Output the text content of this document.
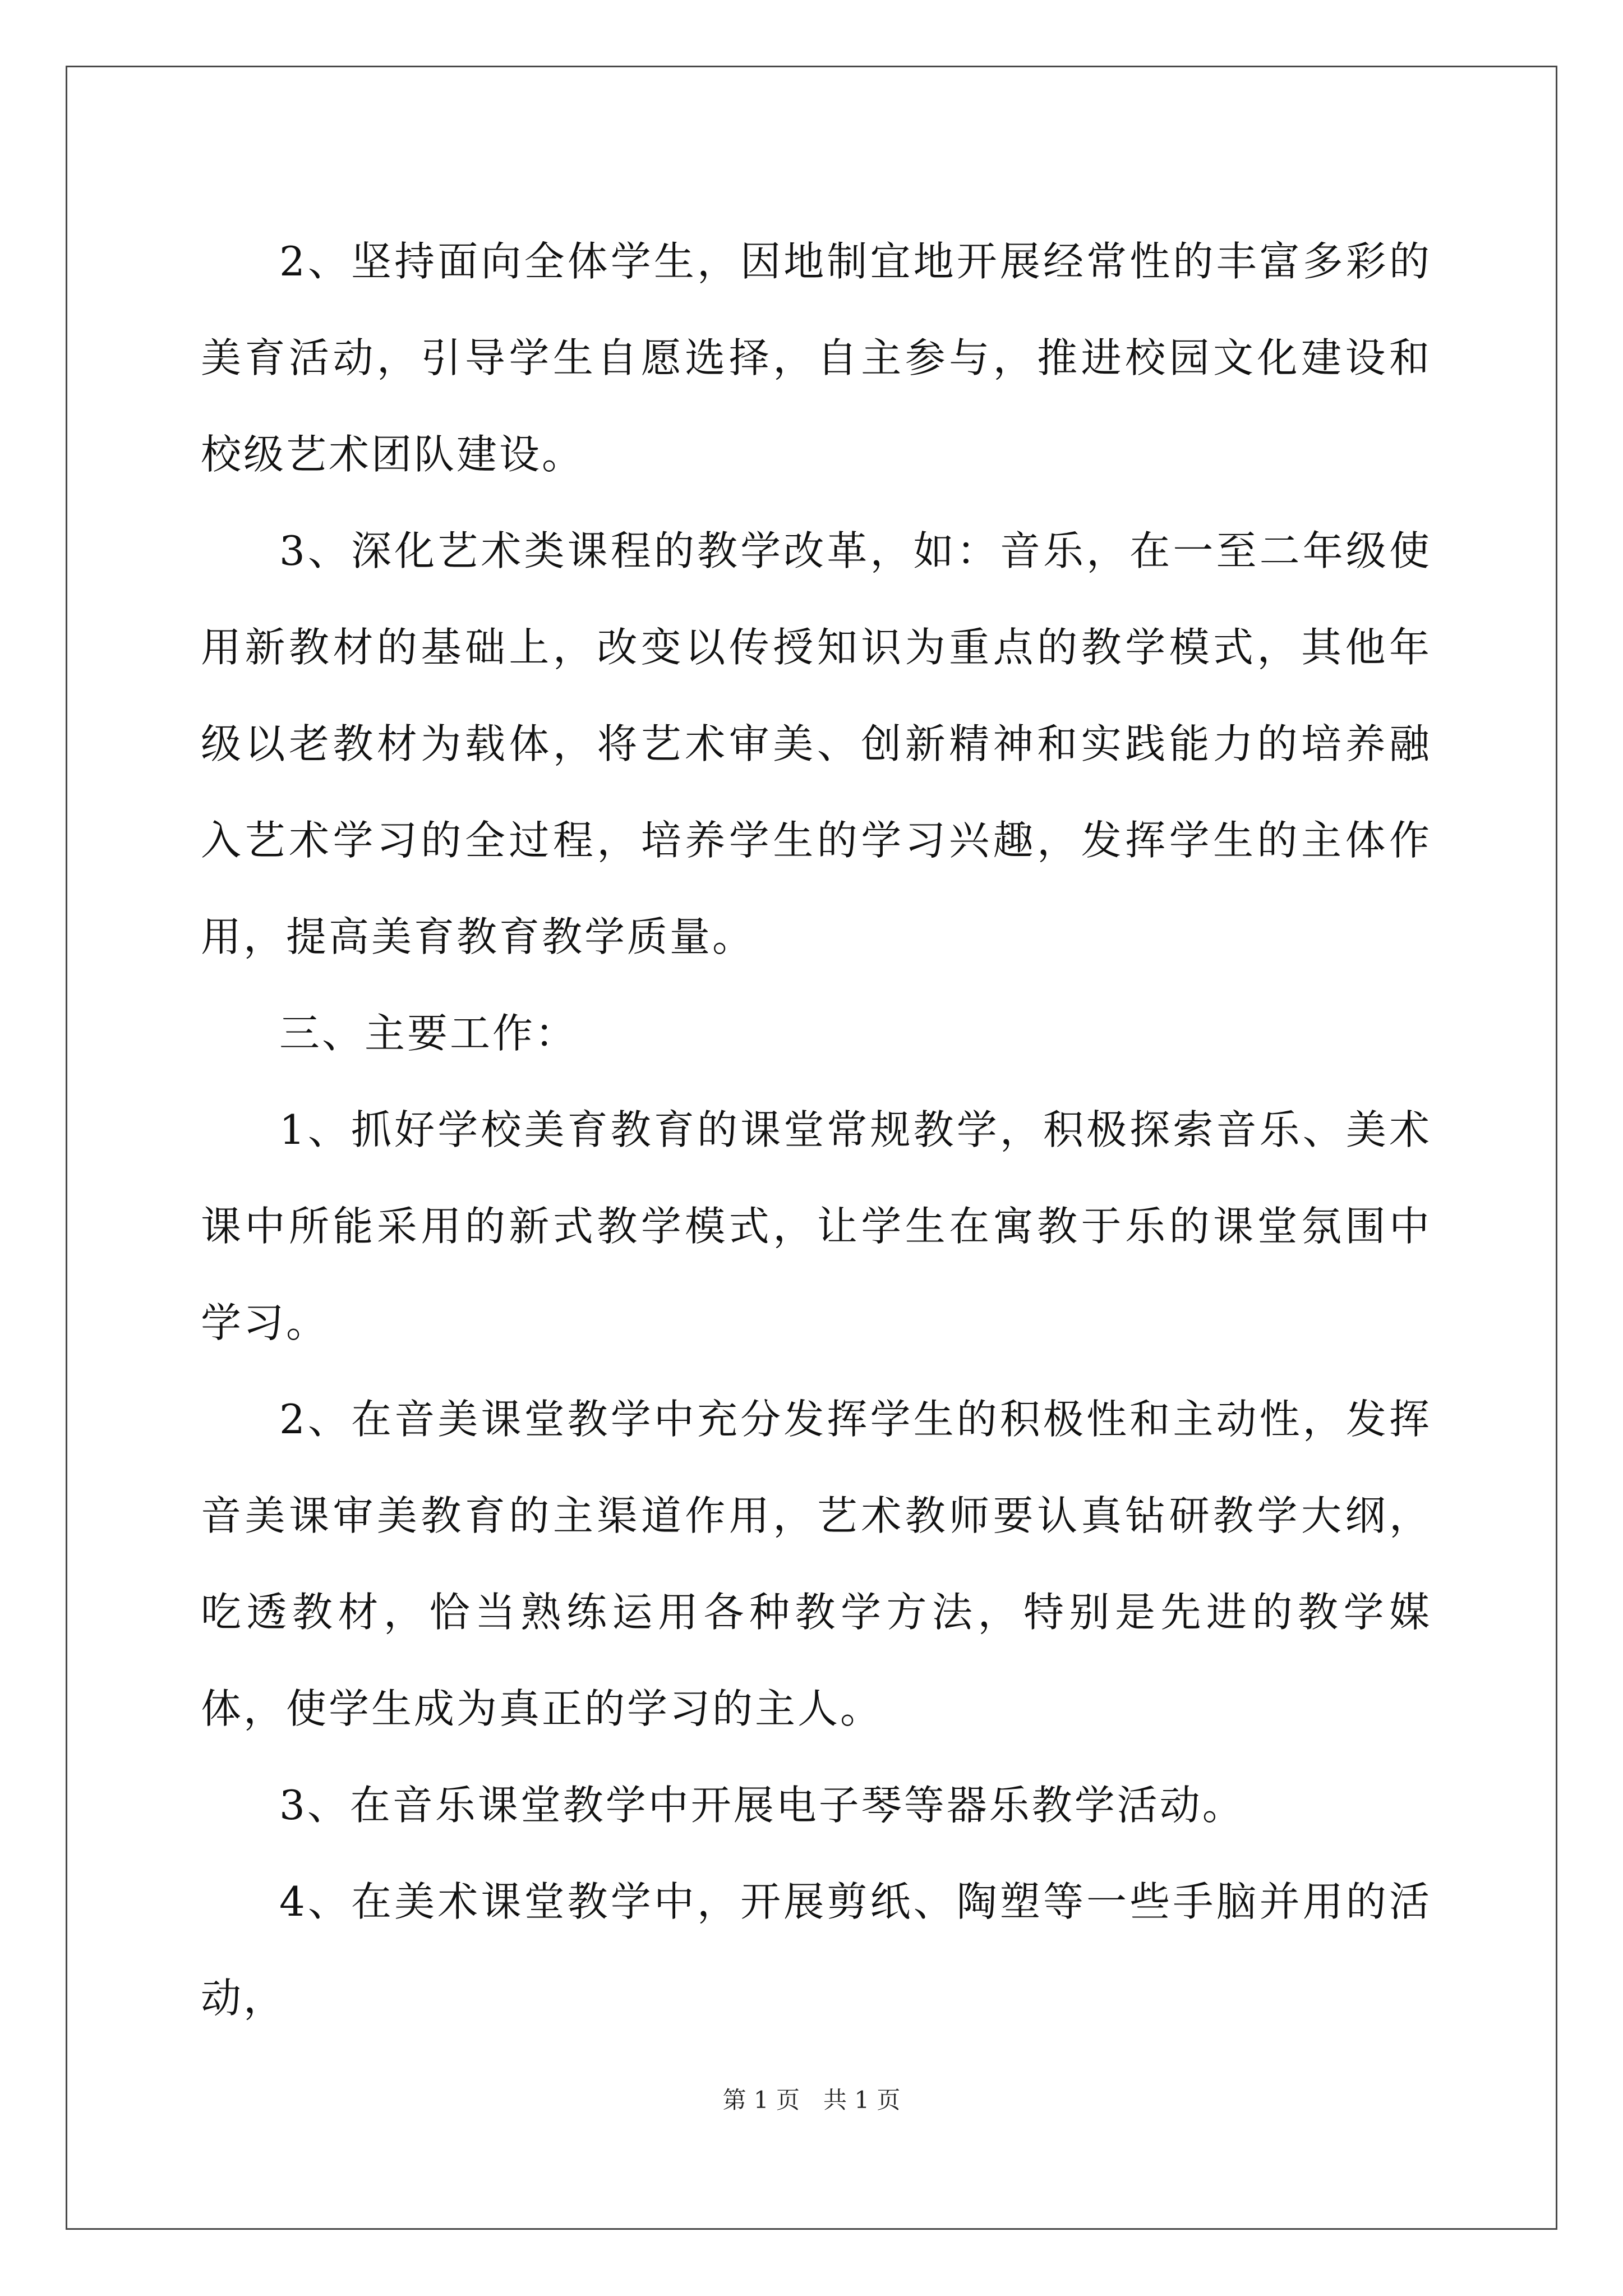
2、坚持面向全体学生，因地制宜地开展经常性的丰富多彩的美育活动，引导学生自愿选择，自主参与，推进校园文化建设和校级艺术团队建设。

3、深化艺术类课程的教学改革，如：音乐，在一至二年级使用新教材的基础上，改变以传授知识为重点的教学模式，其他年级以老教材为载体，将艺术审美、创新精神和实践能力的培养融入艺术学习的全过程，培养学生的学习兴趣，发挥学生的主体作用，提高美育教育教学质量。

三、主要工作：

1、抓好学校美育教育的课堂常规教学，积极探索音乐、美术课中所能采用的新式教学模式，让学生在寓教于乐的课堂氛围中学习。

2、在音美课堂教学中充分发挥学生的积极性和主动性，发挥音美课审美教育的主渠道作用，艺术教师要认真钻研教学大纲，吃透教材，恰当熟练运用各种教学方法，特别是先进的教学媒体，使学生成为真正的学习的主人。

3、在音乐课堂教学中开展电子琴等器乐教学活动。

4、在美术课堂教学中，开展剪纸、陶塑等一些手脑并用的活动，

第 1 页　共 1 页
